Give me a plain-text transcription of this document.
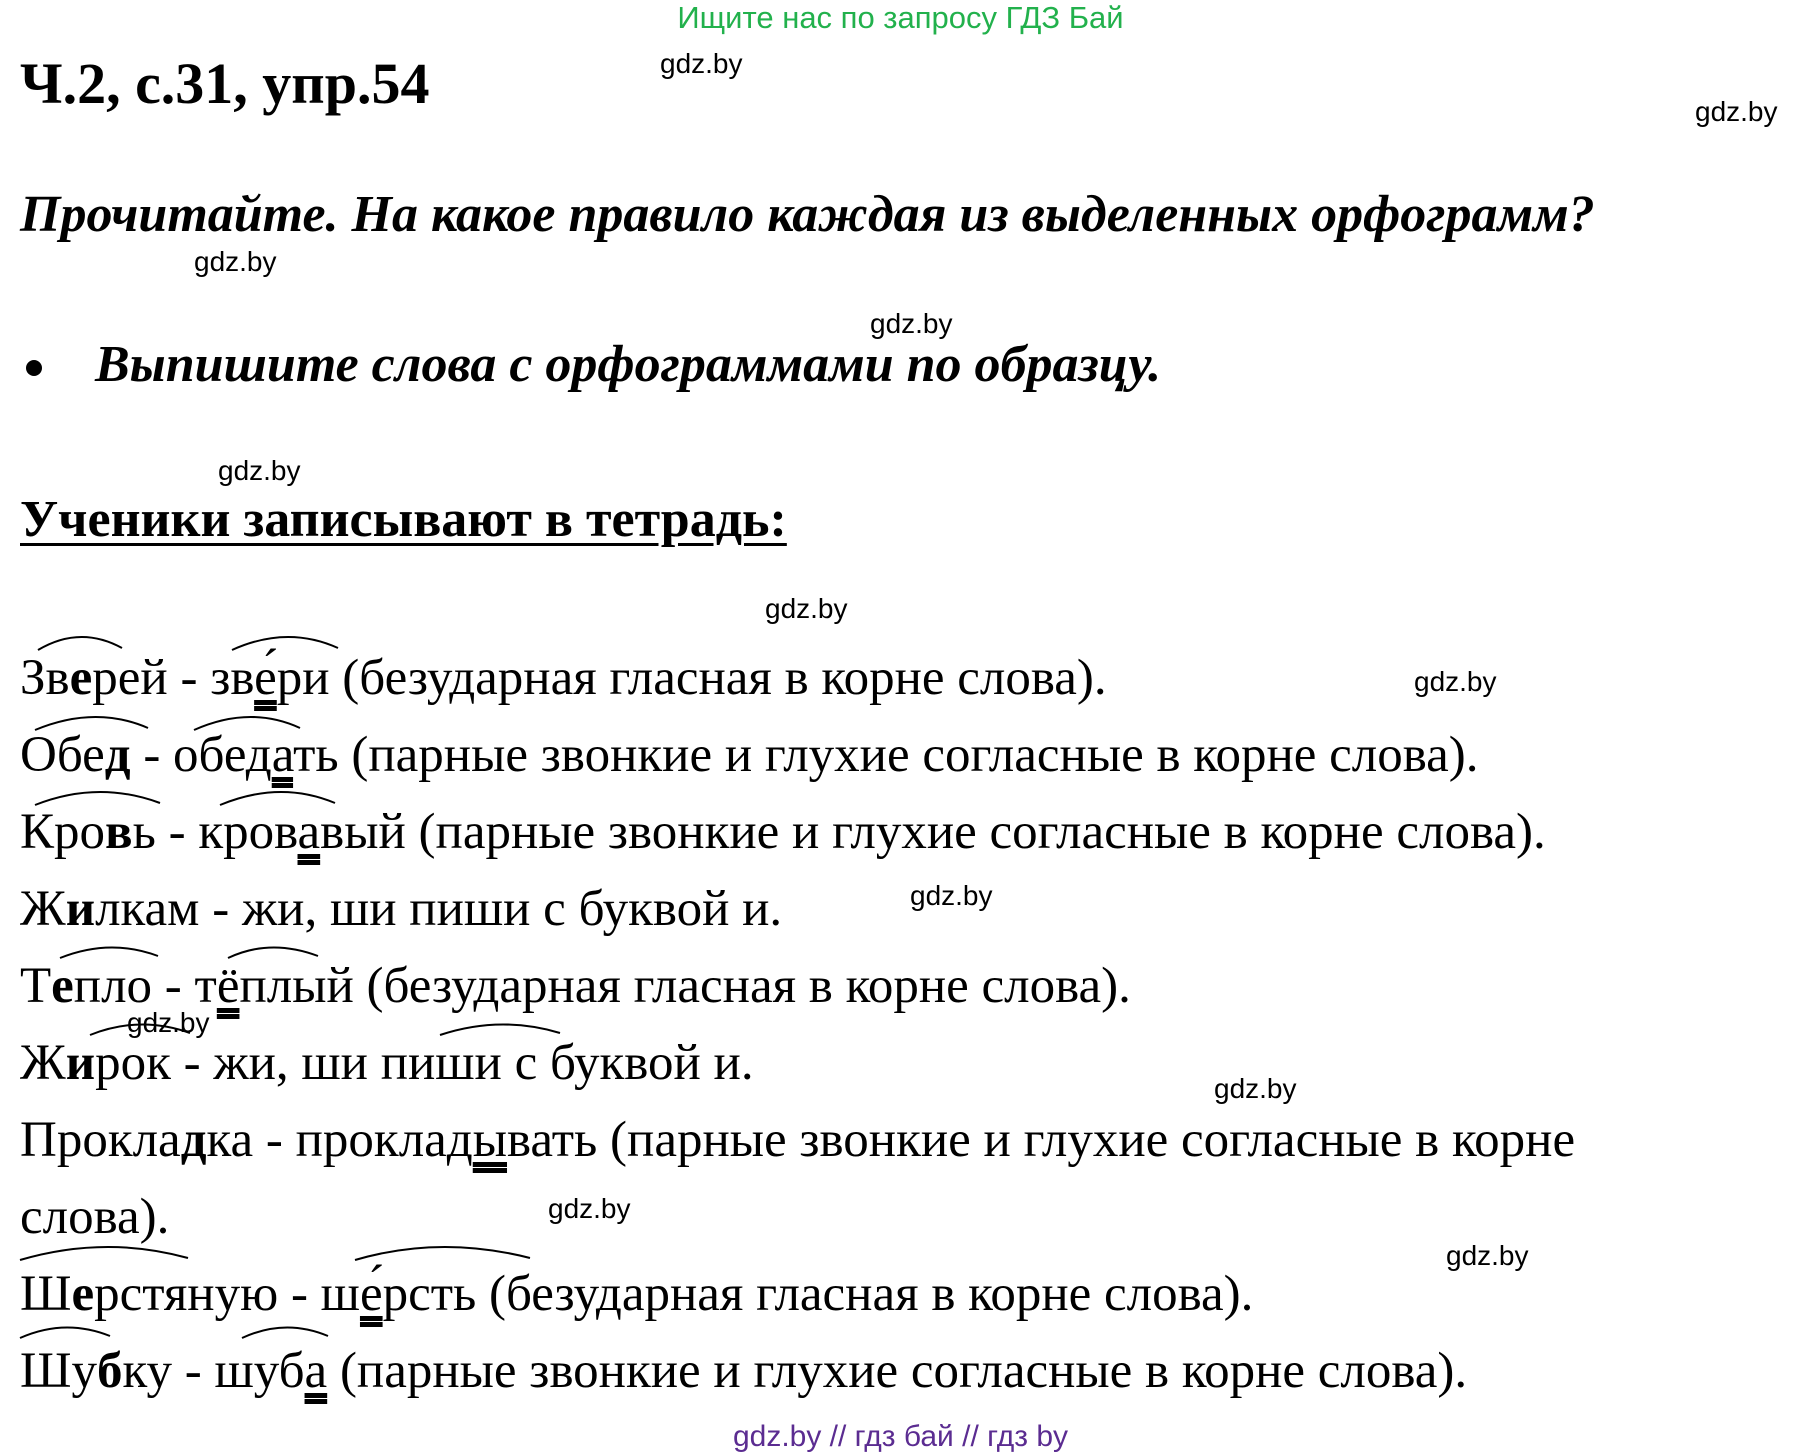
Ищите нас по запросу ГДЗ Бай
Ч.2, с.31, упр.54
Прочитайте. На какое правило каждая из выделенных орфограмм?
Выпишите слова с орфограммами по образцу.
Ученики записывают в тетрадь:
gdz.by
gdz.by
gdz.by
gdz.by
gdz.by
gdz.by
gdz.by
gdz.by
gdz.by
gdz.by
gdz.by
gdz.by
Зверей - зве́ри (безударная гласная в корне слова).
Обед - обедать (парные звонкие и глухие согласные в корне слова).
Кровь - кровавый (парные звонкие и глухие согласные в корне слова).
Жилкам - жи, ши пиши с буквой и.
Тепло - тёплый (безударная гласная в корне слова).
Жирок - жи, ши пиши с буквой и.
Прокладка - прокладывать (парные звонкие и глухие согласные в корне
слова).
Шерстяную - ше́рсть (безударная гласная в корне слова).
Шубку - шуба (парные звонкие и глухие согласные в корне слова).
gdz.by // гдз бай // гдз by
